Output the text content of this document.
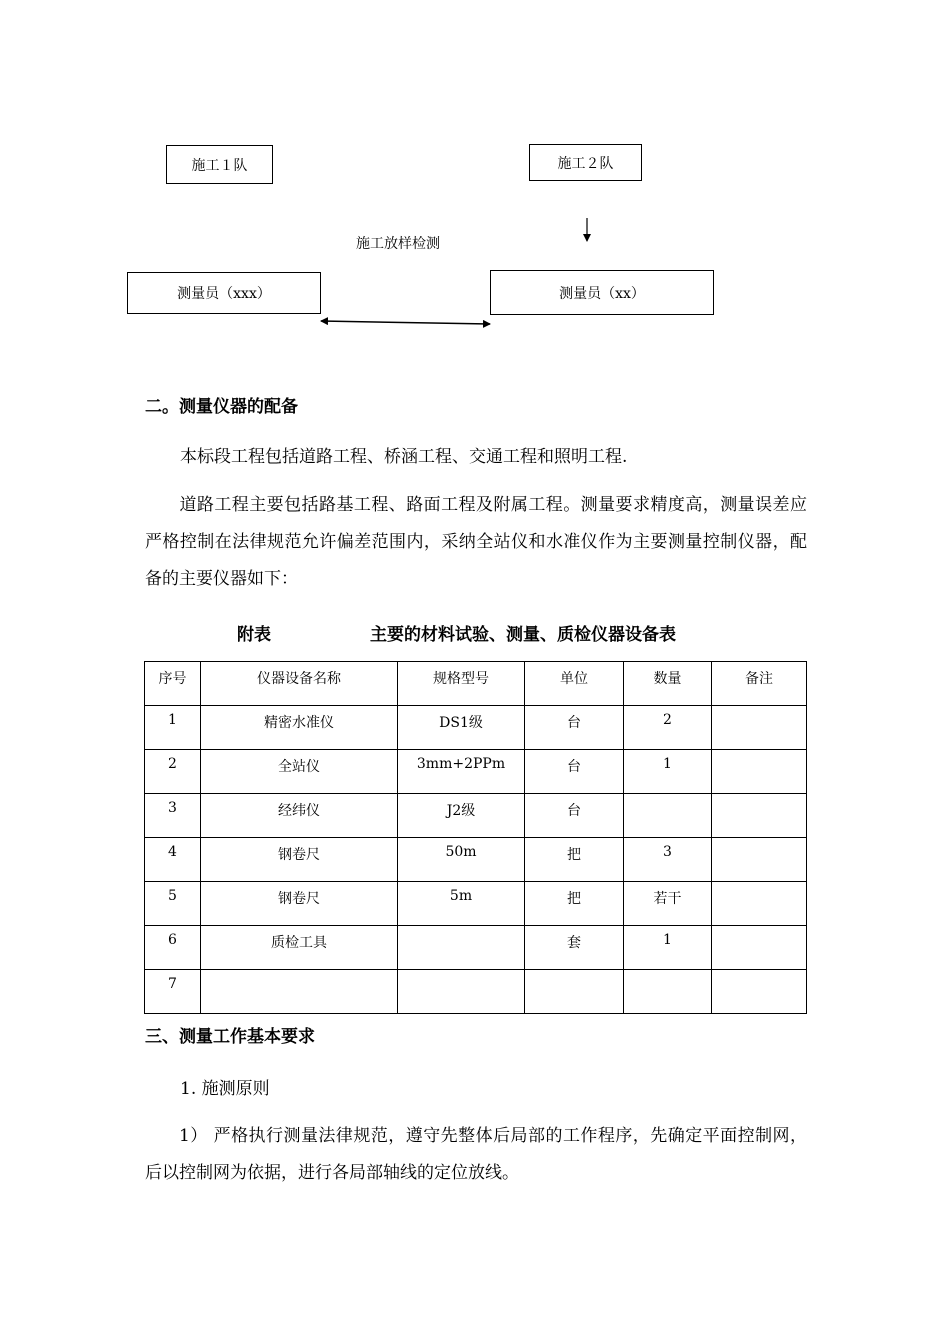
施工１队	施工２队
施工放样检测
测量员（xxx）	测量员（xx）
二。测量仪器的配备
本标段工程包括道路工程、桥涵工程、交通工程和照明工程.
道路工程主要包括路基工程、路面工程及附属工程。测量要求精度高，测量误差应严格控制在法律规范允许偏差范围内，采纳全站仪和水准仪作为主要测量控制仪器，配备的主要仪器如下：
附表	主要的材料试验、测量、质检仪器设备表
序号	仪器设备名称	规格型号	单位	数量	备注
1	精密水准仪	DS1级	台	2	
2	全站仪	3mm+2PPm	台	1	
3	经纬仪	J2级	台		
4	钢卷尺	50m	把	3	
5	钢卷尺	5m	把	若干	
6	质检工具		套	1	
7					
三、测量工作基本要求
1. 施测原则
1） 严格执行测量法律规范，遵守先整体后局部的工作程序，先确定平面控制网，后以控制网为依据，进行各局部轴线的定位放线。
